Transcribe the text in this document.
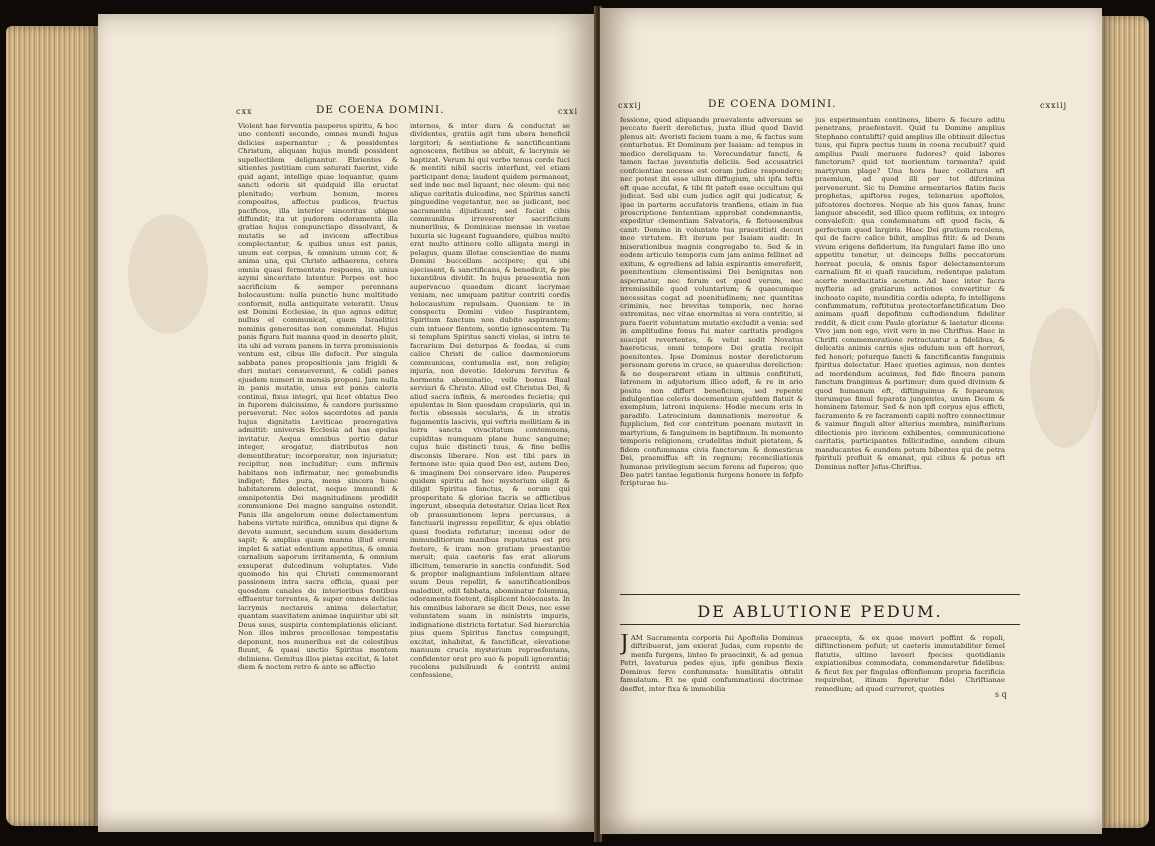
cxx	DE COENA DOMINI.	cxxi
Violent hae ferventia pauperes spiritu, & hoc uno contenti secundo, omnes mundi hujus delicias aspernantur ; & possidentes Christum, aliquam hujus mundi possident supellectilem delignantur. Ebrientes & sitientes justitiam cum saturati fuerint, vide quid agant, intellige quae loquantur, quam sancti odoris sit quidquid illa eructat plenitudo; verbum bonum, mores compositos, affectus pudicos, fructus pacificos, illa interior sinceritas ubique diffundit; ita ut pudorem odoramenta illa gratiae hujus compunctiapo dissolvant, & mutatis se ad invicem affectibus complectantur, & quibus unus est panis, unum est corpus, & omnium unum cor, & anima una, qui Christo adhaerens, cetera omnia quasi fermentata respuens, in unius azymi sinceritate latentur. Perpes est hoc sacrificium & semper perennans holocaustum: nulla punctio hunc multitudo conformit, nulla antiquitate veteratit. Unus est Domini Ecclesiae, in quo agnus editur, nullus el communicat, quem Israelitici nominis generositas non commendat. Hujus panis figura fuit manna quod in deserto pluit, ita ubi ad veram panem in terra promissionis ventum est, cibus ille defecit. Per singula sabbata panes propositionis jam frigidi & duri mutari consueverant, & calidi panes ejusdem numeri in mensis proponi. Jam nulla in panis mutatio, unus est panis caloris continui, fixus integri, qui licet oblatus Deo in fuporem dulcissimo, & candore purissimo perseverat. Nec solos sacerdotes ad panis hujus dignitatis Leviticae praerogativa admittit: universis Ecclesia ad has epulas invitatur. Aequa omnibus portio datur integer, erogatur, distributus non dementibratur; incorporatur, non injuriatur; recipitur, non includitur; cum infirmis habitans non infirmatur, nec gemebundis indiget; fides pura, mens sincera hunc habitatorem delectat, neque immundi & omnipotentis Dei magnitudinem prodidit communione Dei magno sanguine ostendit. Panis ille angelorum omne delectamentum habens virtute mirifica, omnibus qui digne & devote sumunt, secundum suum desiderium sapit; & amplius quam manna illud eremi implet & satiat edentium appetitus, & omnia carnalium saporum irritamenta, & omnium exsuperat dulcedinum voluptates. Vide quomodo his qui Christi commemorant passionem intra sacra officia, quasi per quosdam canales de interioribus fontibus effluentur torrentes, & super omnes delicias lacrymis nectareis anima delectatur, quantam suavitatem animae inquiritur ubi sit Deus suus, suspiria contemplationis eliciant. Non illos imbres procellosae tempestatis deponunt, nos muneribus est de celestibus fluunt, & quasi unctio Spiritus mentem deliniens. Gemitus illos pietas excitat, & latet diem & noctem retro & ante se affectio
internos, & inter dura & conductat se dividentes, gratiis agit tum ubera beneficii largitori; & sentiatione & sanctificantiam agnoscens, fletibus se abluit, & lacrymis se baptizat. Verum hi qui verbo tenus corde fuci & mentiti nihil sacris interfunt, vel etiam participant dona; laudent quidem permaneat, sed inde nec mel liquant, nec oleum: qui nec aliquo caritatis dulcedine, nec Spiritus sancti pinguedine vegetantur, nec se judicant, nec sacramenta dijudicant; sed faciat cibis communibus irreverenter sacrificium muneribus, & Dominicae mensae in vestae luxuria sic lugeant fuguandere, quibus multo erat multo attinere collo alligata mergi in pelagus, quam illotae conscientiae de manu Domini buccellam accipere; qui ubi ejecissent, & sanctificans, & benedicit, & pie luxantibus dividit. In hujus praesentia non supervacuo quaedam dicant lacrymae veniam, nec umquam patitur contriti cordis holocaustum repulsam. Quoniam te in conspectu Domini video fuspirantem, Spiritum fanctum non dubito aspirantem: cum intueor flentem, sentio ignoscentem. Tu si templum Spiritus sancti violas, si intra te facrarium Dei deturpas & foedas, si cum calice Christi de calice daemoniorum communicas, contumelia est, non religio; injuria, non devotio. Idolorum fervitus & hormenta abominatio, velle bonus Baal serviari & Christo. Aliud est Christus Dei, & aliud sacra infinis, & mercedes fecietis; qui epulentas in Sion quosdam crapularis, qui in fectis obsessis secularis, & in stratis fugamentis lascivis, qui veftris mollitiam & in terra sancta vivacitatum contemnens, cupiditas numquam plane hunc sanguine; cujus huic distincti tuus, & fine bellis disconsis liberare. Non est tibi pars in fermone isto: quia quod Deo est, autem Deo, & imaginem Dei conservare ideo. Pauperes quidem spiritu ad hoc mysterium eligit & diligit Spiritus fanctus, & eorum qui prosperitate & gloriae facris se afflictibus ingerunt, obsequia detestatur. Ozias licet Rex ob praesumtionem lepra percussus, a fanctuarii ingressu repellitur, & ejus oblatio quasi foedata refutatur; incensi odor de immunditiorum manibus reputatus est pro foetore, & iram non gratiam praestantio meruit; quia caeteris fas erat aliorum illicitum, temerarie in sanctis confundit. Sed & propter malignantium infolentiam altare suum Deus repellit, & sanctificationibus maledixit, odit fabbata, abominatur folemnia, odoramenta foetent, displicent holocausta. In his omnibus laborare se dicit Deus, nec esse voluntatem suam in ministris impuris, indignatione districta fertatur. Sed hierarchia pius quem Spiritus fanctus compungit, excitat, inhabitat, & fanctificat, elevatione manuum crucis mysterium repraefentans, confidenter orat pro suo & populi ignorantia; recolens pulsibundi & contriti animi confessione,
cxxij	DE COENA DOMINI.	cxxiij
fessione, quod aliquando praevalente adversum se peccato fuerit derelictus, juxta illud quod David plenus ait: Averisti faciem tuam a me, & factus sum conturbatus. Et Dominum per Isaiam: ad tempus in modico dereliquam te. Verecundatur fancti, & tamen factae juventutis deliciis. Sed accusatrici confcientiae necesse est coram judice respondere; nec potest ibi esse ullum diffugium, ubi ipfa teftis eft quae accufat, & tibi fit pateft esse occultum qui judicat. Sed ubi cum judice agit qui judicatur, & ipse in parterm accufatoris tranfiens, etiam in fua proscriptione fententiam approbat condemnantis, expeditur clementiam Salvatoris, & fletuosenibus canit: Domine in voluntate tua praestitisti decori meo virtutem. Et iterum per Isaiam audit: In miserationibus magnis congregabo te. Sed & in eodem articulo temporis cum jam anima fellinet ad exitum, & egrediens ad labia expirantis emereferit, poenitentium clementissimi Dei benignitas non aspernatur, nec ferum est quod verum, nec irremissibile quod voluntarium; & quaecumque necessitas cogat ad poenitudinem; nec quantitas criminis, nec brevitas temporis, nec horae extremitas, nec vitae enormitas si vera contritio, si pura fuerit voluntatum mutatio excludit a venia: sed in amplitudine fonus fui mater caritatis prodigos suscipit revertentes, & velut sodit Novatus haereticus, omni tempore Dei gratia recipit poenitentes. Ipse Dominus noster derelictorum personam gerens in cruce, se quaerulus dereliction: & ne desperarent etiam in ultimis confitituti, latronem in adjutorium illico adefl, & re in ario posita non differt beneficium, sed repente indulgentiae celeris docementum ejufdem flatuit & exemplum, latroni inquiens: Hodie mecum eris in paradifo. Latrocinium damnationis mereotur & fupplicium, fed cor contritum poenam mutavit in martyrium, & fanguinem in baptifmum. In momento temporis religionem, crudelitas induit pietatem, & fidem confummans civis fanctorum & domesticus Dei, praemiffus eft in regnum; reconciliationis humanae privilegium secum ferens ad fuperos; quo Deo patri tantae legationis furgens honore in fefpfo fcripturae hu-
jus experimentum continens, libero & fecuro aditu penetrans, praefentavit. Quid tu Domine amplius Stephano contulifti? quid amplius ille obtinuit dilectus tuus, qui fupra pectus tuum in coena recubuit? quid amplius Pauli meruere fudores? quid labores fanctorum? quid tot morientum tormenta? quid martyrum plage? Una hora haec collatura eft praemium, ad quod illi per tot difcrimina pervenerunt. Sic tu Domine armentarios flatim facis prophetas, apiftores reges, telonarios apoftolos, pifcatores doctores. Neque ab his quos fanas, hunc languor abscedit, sed illico quem reflituis, ex integro convalefcit: qua condemnatum eft quod facis, & perfectum quod largiris. Haec Dei gratium recolens, qui de facro calice bibit, amplius fitit: & ad Deum vivum erigens defiderium, ita fungulari fame illo uno appetitu tenetur, ut deinceps fellis peccatorum horreat pocula, & omnis fapor delectamentorum carnalium fit ei quafi raucidum, redentque palatum acerte mordacitatis acetum. Ad haec inter facra myfteria ad gratiarum actiones convertitur & inchoato capite, munditia cordis adepta, fe intelligens confummatum, reftitutus protectorfanctificatum Deo animam quafi depofitum cuftodiendum fideliter reddit, & dicit cum Paulo gloriatur & laetatur dicens: Vivo jam non ego, vivit vero in me Chriftus. Haec in Chrifti commemoratione retractantur a fidelibus, & delicatis animis carnis ejus odulum non eft horrori, fed honori; poturque fancti & fanctificantis fanguinis fpiritus delectatur. Haec quoties agimus, non dentes ad mordendum acuimus, fed fide fincera panem fanctum frangimus & partimur; dum quod divinum & quod humanum eft, diftinguimus & feparamus; iterumque fimul feparata jungentes, unum Deum & hominem fatemur. Sed & non ipfi corpus ejus efficti, facramento & re facramenti capiti noftro connectimur & vaimur finguli alter alterius membra, minifterium dilectionis pro invicem exhibentes, communicatione caritatis, participantes follicitudine, eandem cibum manducantes & eundem potum bibentes qui de petra fpirituli profluit & emanat, qui cibus & potus eft Dominus nofter Jefus-Chriftus.
DE ABLUTIONE PEDUM.
JAM Sacramenta corporis fui Apoftolis Dominus diftribuerat, jam exierat Judas, cum repente de menfa furgens, linteo fe praecinxit, & ad genua Petri, lavaturus pedes ejus, ipfe genibus flexis Dominus fervo confummata: humilitatis obtulit famulatum. Et ne quid confummationi doctrinae deeffet, inter fixa & immobilia
praecepta, & ex quae moveri poffint & repeli, diftinctionem pofuit; ut caeteris immutabiliter femel flatutis, ultimo laveeri fpecies quotidianis expiationibus commodata, commendaretur fidelibus: & ficut fex per fingulas offenfionum propria facrificia requirebat, itinam figeretur fidei Chriftianae remedium; ad quod curreret, quoties
s q
